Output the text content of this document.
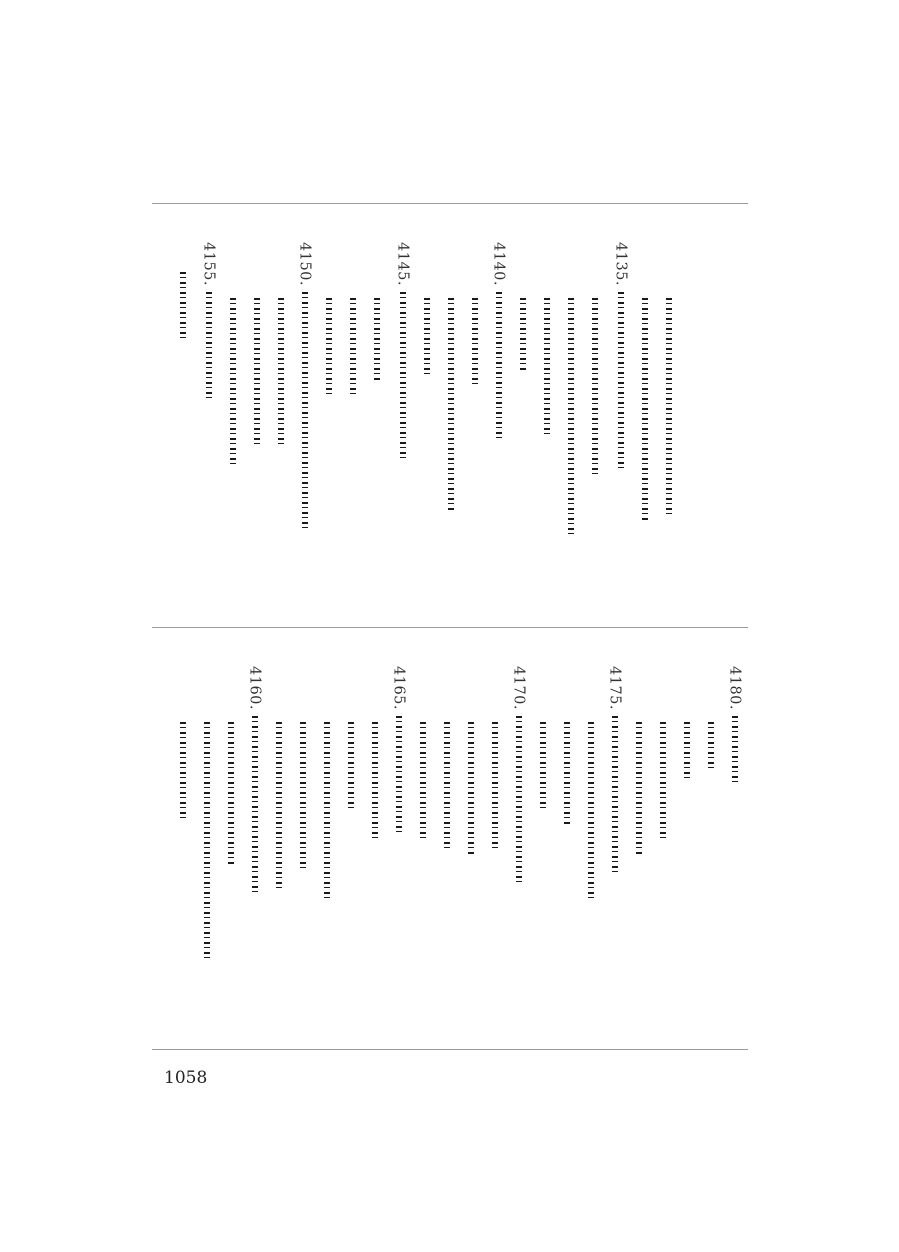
4155.	4150.	4145.	4140.	4135.
4180.
4175.
4170.
4165.
4160.
1058
